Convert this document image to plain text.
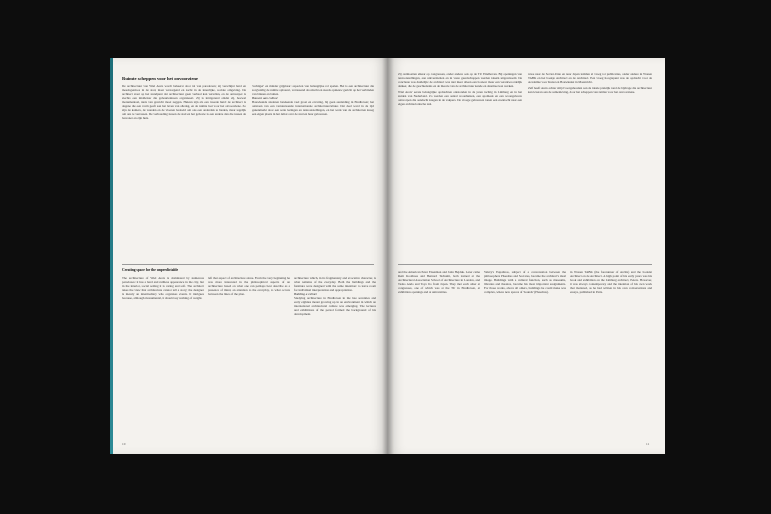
Ruimte scheppen voor het onvoorziene

De architectuur van Wiel Arets wordt beheerst door tal van paradoxen; zij verschijnt hard en meedogenloos in de stad, maar verzorgend en zacht in de innerlijke, sociale omgeving. De architect staat op het standpunt dat architectuur geen verhaal kan vertellen, en de ontwerper is slechts een middelaar die gebeurtenissen organiseert. Zij is intrigerend omdat zij, hoewel monumentaal, niets van gewicht moet zeggen. Huizen zijn als een tweede huid: de architect is degene die een vorm geeft aan het leven van alledag, en de ruimte laat voor het onvoorziene. Zo zijn de kamers, de wanden en de vloeren bedoeld om ons een onderdak te bieden, maar tegelijk om ons te verrassen. De verhouding tussen de stad en het gebouw is een andere dan die tussen de bewoner en zijn huis.

'tachtiger' en minder grijpbaar: aspecten van belangrijke rol spelen. Het is een architectuur die zorgvuldig de ruimte opbouwt, verrassend doordacht en steeds opnieuw gericht op het verbinden van binnen en buiten.

Bouwen aan cultuur

Bouwkunde studeren betekende veel groei en ervaring, bij geen aanleiding in Eindhoven; het ontstaan van een vernieuwende internationale architectuurcultuur. Dat deel werd in de tijd gekenmerkt door een serie lezingen en tentoonstellingen, en het werk van de architecten kreeg een eigen plaats in het debat over de stad en haar gebouwen.

Creating space for the unpredictable

The architecture of Wiel Arets is dominated by numerous paradoxes: it has a hard and ruthless appearance in the city, but in the interior, social setting it is caring and soft. The architect takes the view that architecture cannot tell a story; the designer is merely an intermediary who organises events. It intrigues because, although monumental, it should say nothing of weight.

left that aspect of architecture alone. From the very beginning he was more interested in the philosophical aspects of an architecture based on what one can perhaps best describe as a presence of mind, an attention to the everyday, to what occurs between the lines of the plan.

architecture which, in its fragmentary and evocative character, is what remains of the everyday. Both the buildings and the furniture were designed with the same intention: to leave room for individual interpretation and appropriation.

Building a culture

Studying architecture in Eindhoven in the late seventies and early eighties meant growing up in an environment in which an international architectural culture was emerging. The lectures and exhibitions of the period formed the background of his development.

10

Zij ontmoetten elkaar op congressen, onder andere ook op de TU Eindhoven. Bij openingen van tentoonstellingen, aan universiteiten en in vaste gezelschappen werden ideeën uitgewisseld. De conclusie was duidelijk: de architect was niet meer alleen een bouwer maar een verantwoordelijk denker, die de geschiedenis en de theorie van de architectuur kende en daarmee kon werken.

Wiel Arets' eerste belangrijke opdrachten ontstonden in de jaren tachtig in Limburg en in het zuiden van Nederland. Zo werden een aantal woonhuizen, een apotheek en een woongebouw ontworpen die aandacht kregen in de vakpers. De vroege gebouwen tonen een zoektocht naar een eigen architectonische taal.

ruwe naar de Soviet-Unie en naar Japan leidden al vroeg tot publicaties, onder andere in Wonen TABK en het boekje Architect en de Architect. Een vroeg hoogtepunt was de opdracht voor de Academie voor Kunst en Bouwkunst in Maastricht.

Zelf heeft Arets echter altijd voorgehouden aan de ideale praktijk rond de bijdrage die architectuur kan leveren aan de samenleving, door het scheppen van ruimte voor het onvoorziene.

and the American Peter Eisenman and John Hejduk. Later came Rem Koolhaas and Bernard Tschumi, both trained at the Architectural Association School of Architecture in London, and Tadao Ando and Toyo Ito from Japan. They met each other at congresses, one of which was at the TU in Eindhoven, at exhibition openings and at universities.

Valéry's Eupalinos, subject of a conversation between the philosophers Phaedrus and Socrates, became the architect's ideal image. Buildings with a cultural function, such as museums, libraries and theatres, became his most important assignments. For those works, above all others, buildings he could make was complex, where new spaces of 'bounds' (Phaedrus).

in Wonen TABK (the forerunner of Archis) and the booklet Architect en de Architect. A high point of his early years was his book and exhibition on the Limburg architect, Peters. However, it was always contemporary and the intention of his own work that mattered, as he had written in his own conversations and essays, published in Paris.

11
